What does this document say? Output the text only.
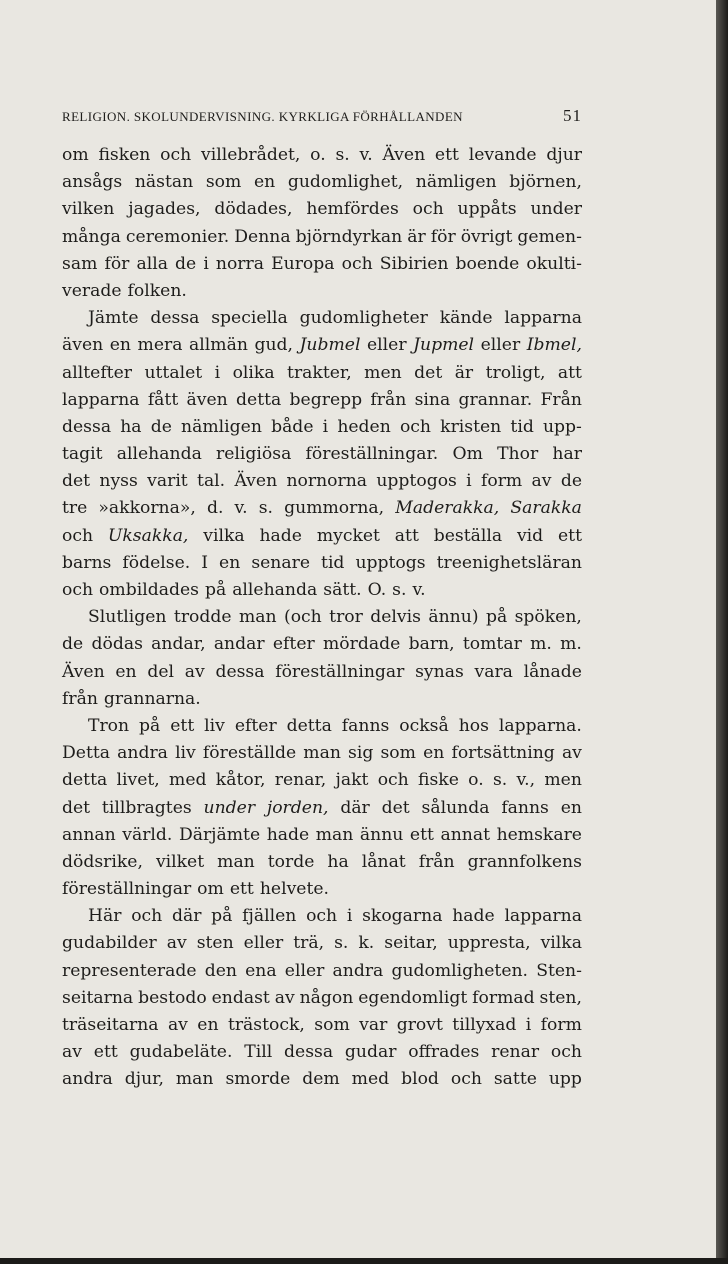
RELIGION. SKOLUNDERVISNING. KYRKLIGA FÖRHÅLLANDEN	51
om fisken och villebrådet, o. s. v. Även ett levande djur
ansågs nästan som en gudomlighet, nämligen björnen,
vilken jagades, dödades, hemfördes och uppåts under
många ceremonier. Denna björndyrkan är för övrigt gemen-
sam för alla de i norra Europa och Sibirien boende okulti-
verade folken.
Jämte dessa speciella gudomligheter kände lapparna
även en mera allmän gud, Jubmel eller Jupmel eller Ibmel,
alltefter uttalet i olika trakter, men det är troligt, att
lapparna fått även detta begrepp från sina grannar. Från
dessa ha de nämligen både i heden och kristen tid upp-
tagit allehanda religiösa föreställningar. Om Thor har
det nyss varit tal. Även nornorna upptogos i form av de
tre »akkorna», d. v. s. gummorna, Maderakka, Sarakka
och Uksakka, vilka hade mycket att beställa vid ett
barns födelse. I en senare tid upptogs treenighetsläran
och ombildades på allehanda sätt. O. s. v.
Slutligen trodde man (och tror delvis ännu) på spöken,
de dödas andar, andar efter mördade barn, tomtar m. m.
Även en del av dessa föreställningar synas vara lånade
från grannarna.
Tron på ett liv efter detta fanns också hos lapparna.
Detta andra liv föreställde man sig som en fortsättning av
detta livet, med kåtor, renar, jakt och fiske o. s. v., men
det tillbragtes under jorden, där det sålunda fanns en
annan värld. Därjämte hade man ännu ett annat hemskare
dödsrike, vilket man torde ha lånat från grannfolkens
föreställningar om ett helvete.
Här och där på fjällen och i skogarna hade lapparna
gudabilder av sten eller trä, s. k. seitar, uppresta, vilka
representerade den ena eller andra gudomligheten. Sten-
seitarna bestodo endast av någon egendomligt formad sten,
träseitarna av en trästock, som var grovt tillyxad i form
av ett gudabeläte. Till dessa gudar offrades renar och
andra djur, man smorde dem med blod och satte upp
